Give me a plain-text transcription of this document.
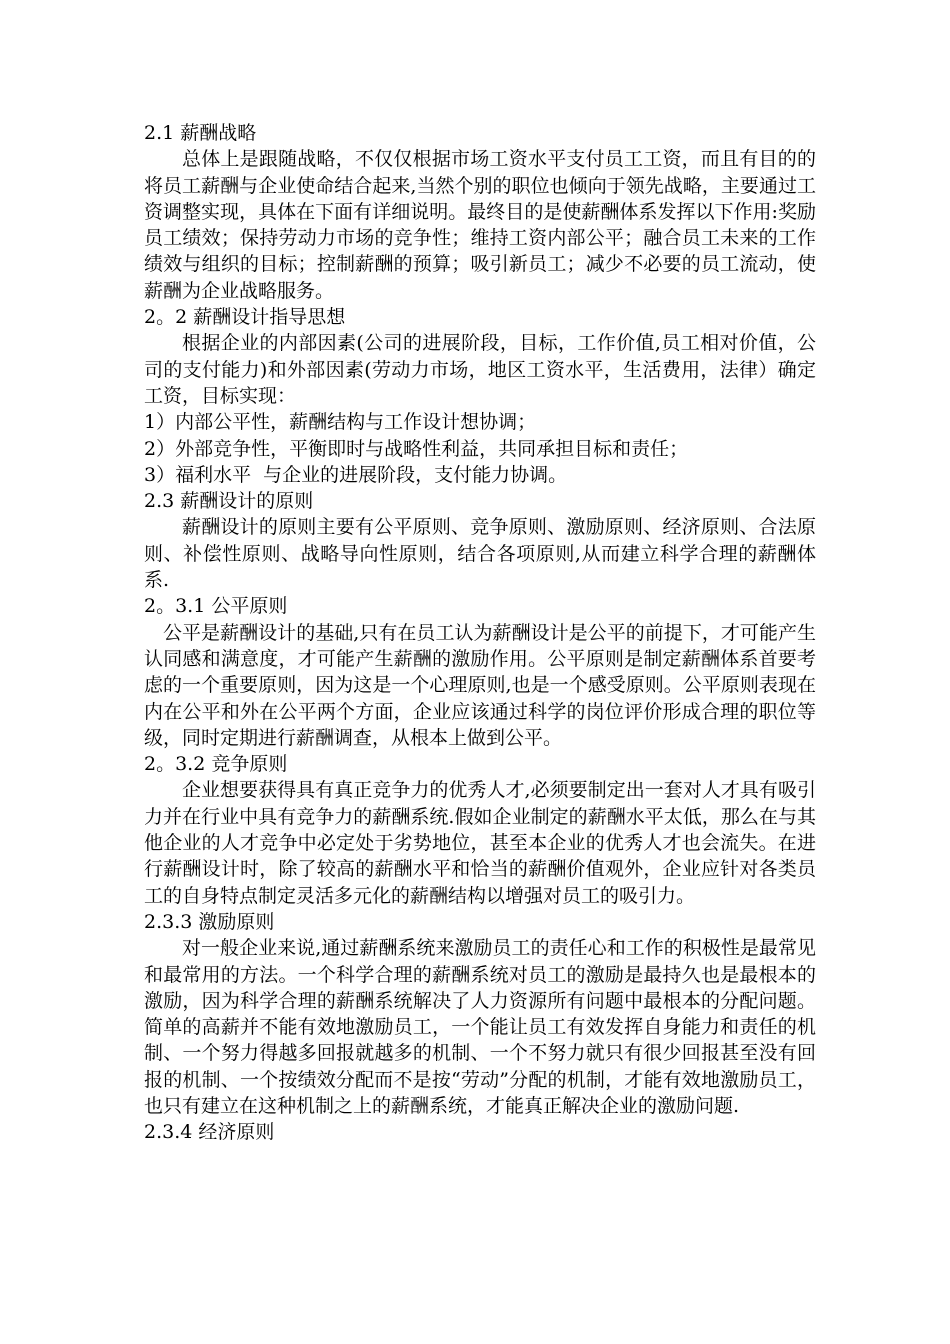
2.1 薪酬战略

总体上是跟随战略，不仅仅根据市场工资水平支付员工工资，而且有目的的将员工薪酬与企业使命结合起来,当然个别的职位也倾向于领先战略，主要通过工资调整实现，具体在下面有详细说明。最终目的是使薪酬体系发挥以下作用:奖励员工绩效；保持劳动力市场的竞争性；维持工资内部公平；融合员工未来的工作绩效与组织的目标；控制薪酬的预算；吸引新员工；减少不必要的员工流动，使薪酬为企业战略服务。

2。2 薪酬设计指导思想

根据企业的内部因素(公司的进展阶段，目标，工作价值,员工相对价值，公司的支付能力)和外部因素(劳动力市场，地区工资水平，生活费用，法律）确定工资，目标实现：

1）内部公平性，薪酬结构与工作设计想协调；

2）外部竞争性，平衡即时与战略性利益，共同承担目标和责任；

3）福利水平  与企业的进展阶段，支付能力协调。

2.3 薪酬设计的原则

薪酬设计的原则主要有公平原则、竞争原则、激励原则、经济原则、合法原则、补偿性原则、战略导向性原则，结合各项原则,从而建立科学合理的薪酬体系.

2。3.1 公平原则

公平是薪酬设计的基础,只有在员工认为薪酬设计是公平的前提下，才可能产生认同感和满意度，才可能产生薪酬的激励作用。公平原则是制定薪酬体系首要考虑的一个重要原则，因为这是一个心理原则,也是一个感受原则。公平原则表现在内在公平和外在公平两个方面，企业应该通过科学的岗位评价形成合理的职位等级，同时定期进行薪酬调查，从根本上做到公平。

2。3.2 竞争原则

企业想要获得具有真正竞争力的优秀人才,必须要制定出一套对人才具有吸引力并在行业中具有竞争力的薪酬系统.假如企业制定的薪酬水平太低，那么在与其他企业的人才竞争中必定处于劣势地位，甚至本企业的优秀人才也会流失。在进行薪酬设计时，除了较高的薪酬水平和恰当的薪酬价值观外，企业应针对各类员工的自身特点制定灵活多元化的薪酬结构以增强对员工的吸引力。

2.3.3 激励原则

对一般企业来说,通过薪酬系统来激励员工的责任心和工作的积极性是最常见和最常用的方法。一个科学合理的薪酬系统对员工的激励是最持久也是最根本的激励，因为科学合理的薪酬系统解决了人力资源所有问题中最根本的分配问题。简单的高薪并不能有效地激励员工，一个能让员工有效发挥自身能力和责任的机制、一个努力得越多回报就越多的机制、一个不努力就只有很少回报甚至没有回报的机制、一个按绩效分配而不是按“劳动”分配的机制，才能有效地激励员工，也只有建立在这种机制之上的薪酬系统，才能真正解决企业的激励问题.

2.3.4 经济原则
